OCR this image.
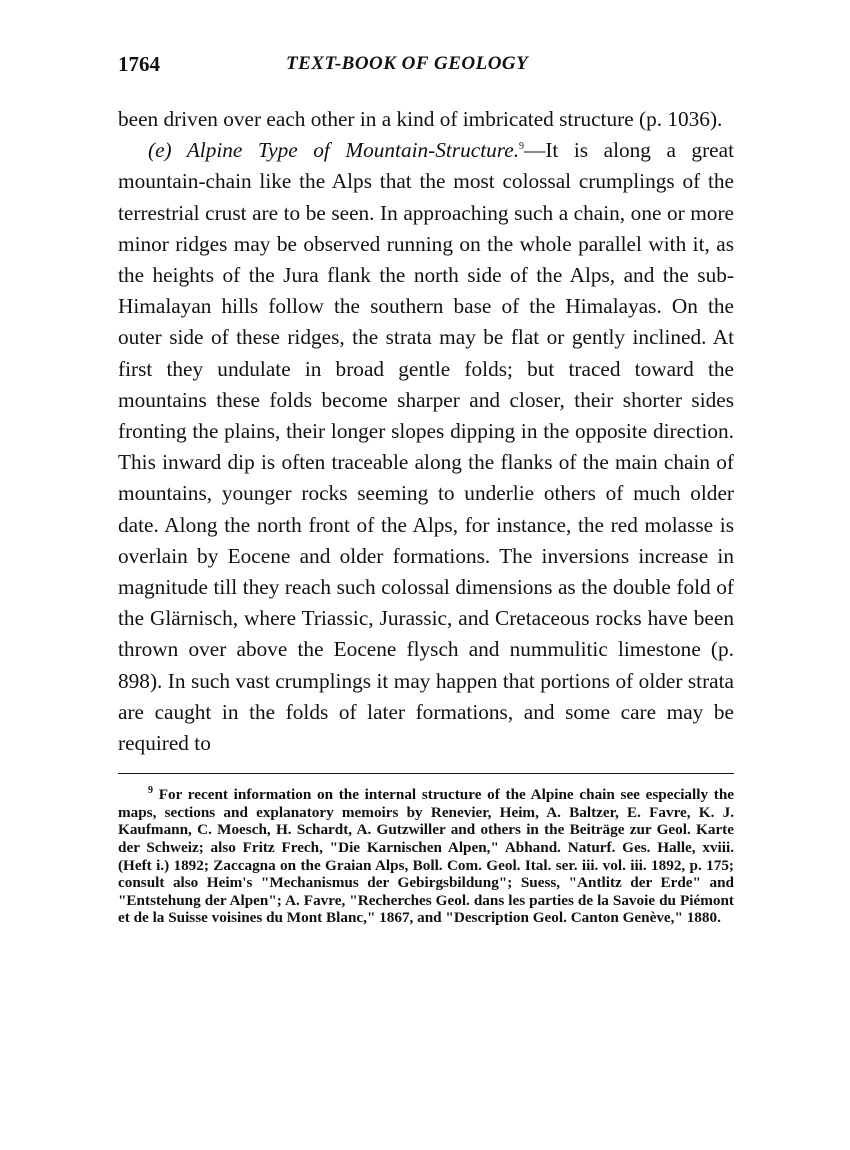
1764	TEXT-BOOK OF GEOLOGY

been driven over each other in a kind of imbricated structure (p. 1036).

(e) Alpine Type of Mountain-Structure.$^9$—It is along a great mountain-chain like the Alps that the most colossal crumplings of the terrestrial crust are to be seen. In approaching such a chain, one or more minor ridges may be observed running on the whole parallel with it, as the heights of the Jura flank the north side of the Alps, and the sub-Himalayan hills follow the southern base of the Himalayas. On the outer side of these ridges, the strata may be flat or gently inclined. At first they undulate in broad gentle folds; but traced toward the mountains these folds become sharper and closer, their shorter sides fronting the plains, their longer slopes dipping in the opposite direction. This inward dip is often traceable along the flanks of the main chain of mountains, younger rocks seeming to underlie others of much older date. Along the north front of the Alps, for instance, the red molasse is overlain by Eocene and older formations. The inversions increase in magnitude till they reach such colossal dimensions as the double fold of the Glärnisch, where Triassic, Jurassic, and Cretaceous rocks have been thrown over above the Eocene flysch and nummulitic limestone (p. 898). In such vast crumplings it may happen that portions of older strata are caught in the folds of later formations, and some care may be required to

$^9$ For recent information on the internal structure of the Alpine chain see especially the maps, sections and explanatory memoirs by Renevier, Heim, A. Baltzer, E. Favre, K. J. Kaufmann, C. Moesch, H. Schardt, A. Gutzwiller and others in the Beiträge zur Geol. Karte der Schweiz; also Fritz Frech, "Die Karnischen Alpen," Abhand. Naturf. Ges. Halle, xviii. (Heft i.) 1892; Zaccagna on the Graian Alps, Boll. Com. Geol. Ital. ser. iii. vol. iii. 1892, p. 175; consult also Heim's "Mechanismus der Gebirgsbildung"; Suess, "Antlitz der Erde" and "Entstehung der Alpen"; A. Favre, "Recherches Geol. dans les parties de la Savoie du Piémont et de la Suisse voisines du Mont Blanc," 1867, and "Description Geol. Canton Genève," 1880.
